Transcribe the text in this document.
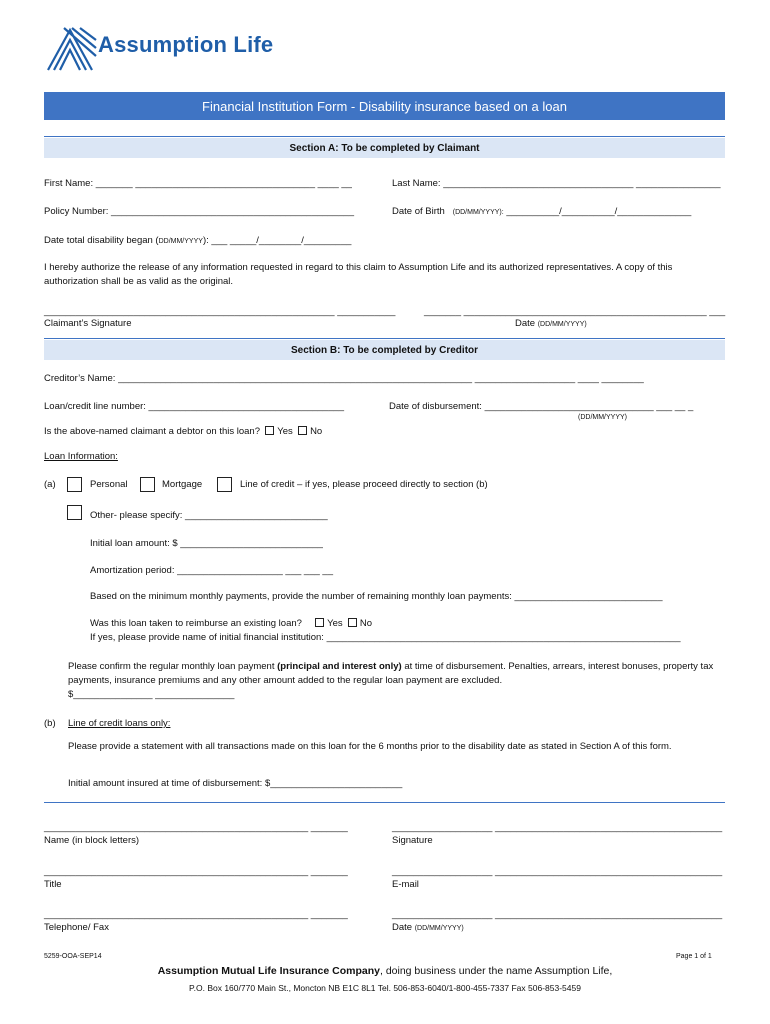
Assumption Life
Financial Institution Form - Disability insurance based on a loan
Section A: To be completed by Claimant
First Name: _______ __________________________________ ____ __	Last Name: ____________________________________ ________________
Policy Number: ______________________________________________	Date of Birth (DD/MM/YYYY): __________/__________/______________
Date total disability began (DD/MM/YYYY): ___ _____/________/_________
I hereby authorize the release of any information requested in regard to this claim to Assumption Life and its authorized representatives. A copy of this authorization shall be as valid as the original.
_______________________________________________________ ___________	_______ ______________________________________________ ___
Claimant’s Signature	Date (DD/MM/YYYY)
Section B: To be completed by Creditor
Creditor’s Name: ___________________________________________________________________ ___________________ ____ ________
Loan/credit line number: _____________________________________	Date of disbursement: ________________________________ ___ __ _
(DD/MM/YYYY)
Is the above-named claimant a debtor on this loan? Yes No
Loan Information:
(a)	Personal	Mortgage	Line of credit – if yes, please proceed directly to section (b)
Other- please specify: ___________________________
Initial loan amount: $ ___________________________
Amortization period: ____________________ ___ ___ __
Based on the minimum monthly payments, provide the number of remaining monthly loan payments: ____________________________
Was this loan taken to reimburse an existing loan?	Yes No
If yes, please provide name of initial financial institution: ___________________________________________________________________
Please confirm the regular monthly loan payment (principal and interest only) at time of disbursement. Penalties, arrears, interest bonuses, property tax payments, insurance premiums and any other amount added to the regular loan payment are excluded.
$_______________ _______________
(b) Line of credit loans only:
Please provide a statement with all transactions made on this loan for the 6 months prior to the disability date as stated in Section A of this form.
Initial amount insured at time of disbursement: $_________________________
__________________________________________________ _______	___________________ ___________________________________________
Name (in block letters)	Signature
__________________________________________________ _______	___________________ ___________________________________________
Title	E-mail
__________________________________________________ _______	___________________ ___________________________________________
Telephone/ Fax	Date (DD/MM/YYYY)
5259-OOA-SEP14	Page 1 of 1
Assumption Mutual Life Insurance Company, doing business under the name Assumption Life,
P.O. Box 160/770 Main St., Moncton NB E1C 8L1 Tel. 506-853-6040/1-800-455-7337 Fax 506-853-5459
